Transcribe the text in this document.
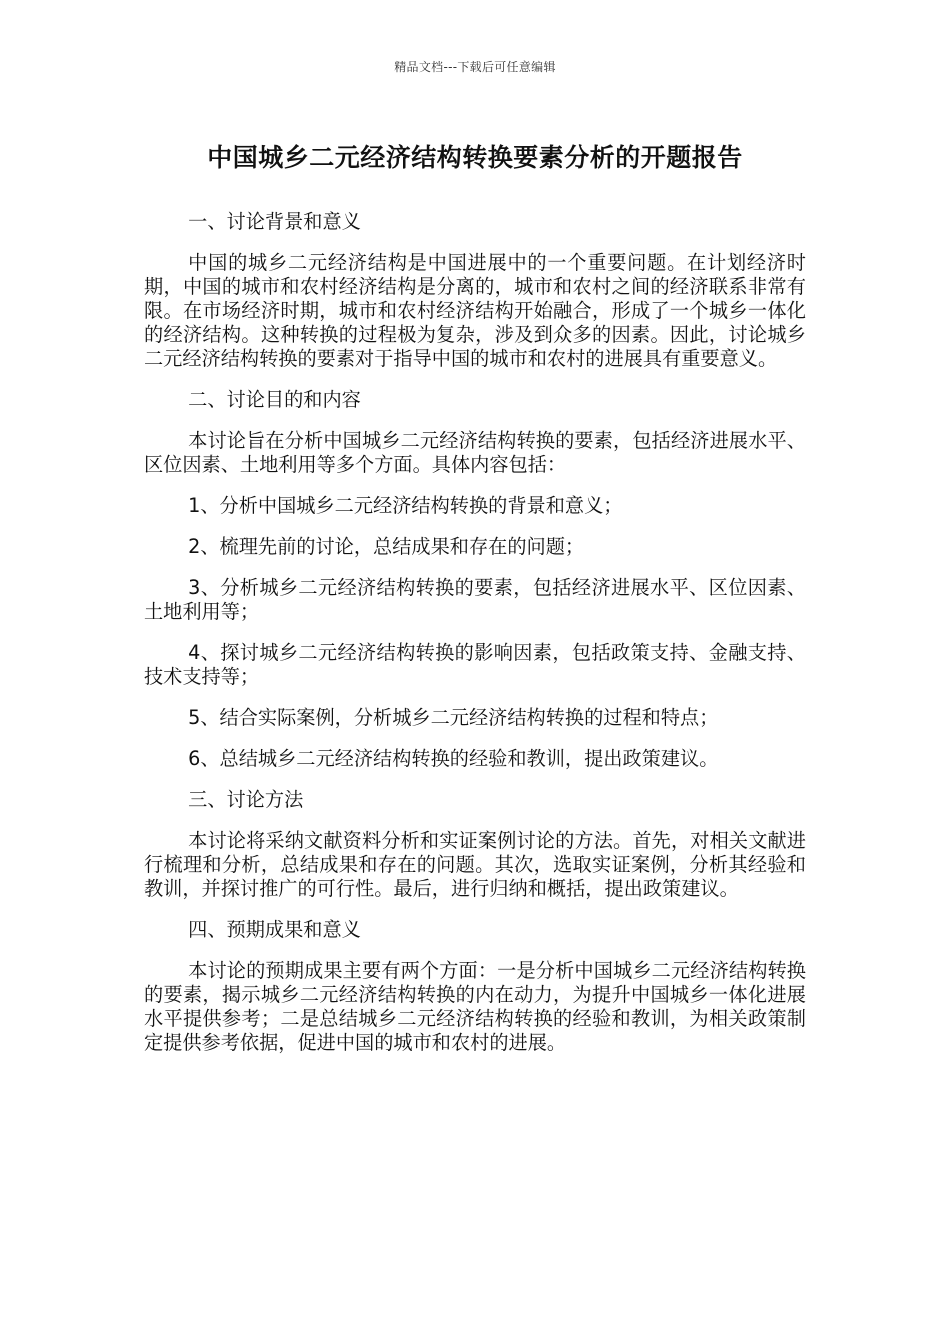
精品文档---下载后可任意编辑
中国城乡二元经济结构转换要素分析的开题报告

一、讨论背景和意义

中国的城乡二元经济结构是中国进展中的一个重要问题。在计划经济时期，中国的城市和农村经济结构是分离的，城市和农村之间的经济联系非常有限。在市场经济时期，城市和农村经济结构开始融合，形成了一个城乡一体化的经济结构。这种转换的过程极为复杂，涉及到众多的因素。因此，讨论城乡二元经济结构转换的要素对于指导中国的城市和农村的进展具有重要意义。

二、讨论目的和内容

本讨论旨在分析中国城乡二元经济结构转换的要素，包括经济进展水平、区位因素、土地利用等多个方面。具体内容包括：

1、分析中国城乡二元经济结构转换的背景和意义；

2、梳理先前的讨论，总结成果和存在的问题；

3、分析城乡二元经济结构转换的要素，包括经济进展水平、区位因素、土地利用等；

4、探讨城乡二元经济结构转换的影响因素，包括政策支持、金融支持、技术支持等；

5、结合实际案例，分析城乡二元经济结构转换的过程和特点；

6、总结城乡二元经济结构转换的经验和教训，提出政策建议。

三、讨论方法

本讨论将采纳文献资料分析和实证案例讨论的方法。首先，对相关文献进行梳理和分析，总结成果和存在的问题。其次，选取实证案例，分析其经验和教训，并探讨推广的可行性。最后，进行归纳和概括，提出政策建议。

四、预期成果和意义

本讨论的预期成果主要有两个方面：一是分析中国城乡二元经济结构转换的要素，揭示城乡二元经济结构转换的内在动力，为提升中国城乡一体化进展水平提供参考；二是总结城乡二元经济结构转换的经验和教训，为相关政策制定提供参考依据，促进中国的城市和农村的进展。
